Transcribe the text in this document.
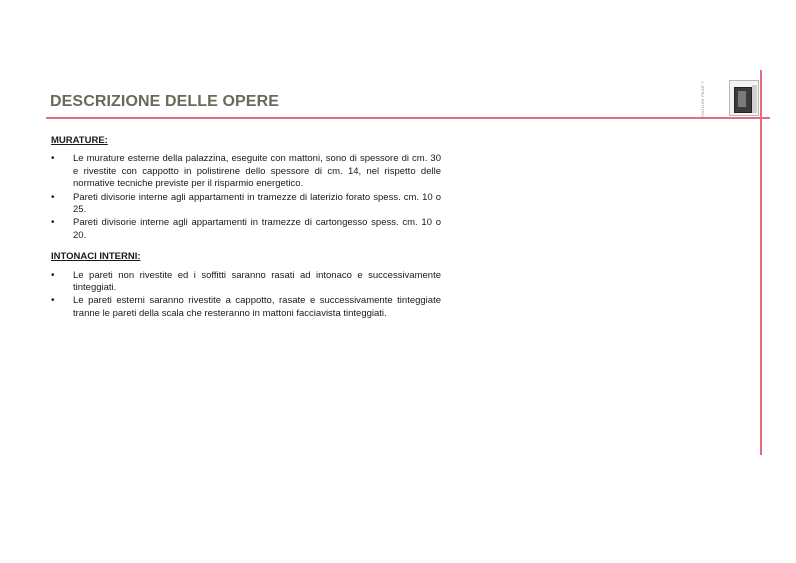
DESCRIZIONE DELLE OPERE	ENGLISH PAGE 7
MURATURE:
• Le murature esterne della palazzina, eseguite con mattoni, sono di spessore di cm. 30 e rivestite con cappotto in polistirene dello spessore di cm. 14, nel rispetto delle normative tecniche previste per il risparmio energetico.
• Pareti divisorie interne agli appartamenti in tramezze di laterizio forato spess. cm. 10 o 25.
• Pareti divisorie interne agli appartamenti in tramezze di cartongesso spess. cm. 10 o 20.
INTONACI INTERNI:
• Le pareti non rivestite ed i soffitti saranno rasati ad intonaco e successivamente tinteggiati.
• Le pareti esterni saranno rivestite a cappotto, rasate e successivamente tinteggiate tranne le pareti della scala che resteranno in mattoni facciavista tinteggiati.
